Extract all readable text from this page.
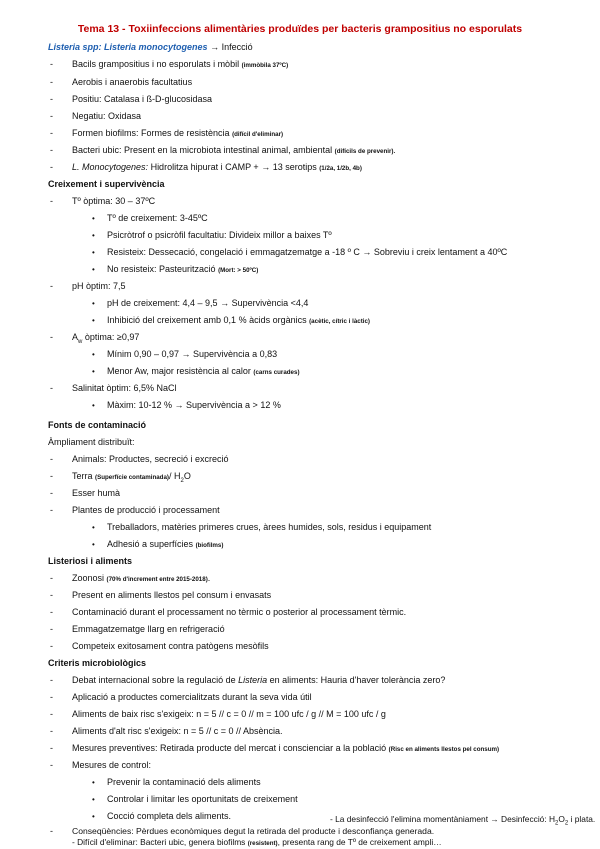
Tema 13 - Toxiinfeccions alimentàries produïdes per bacteris grampositius no esporulats
Listeria spp: Listeria monocytogenes → Infecció
- Bacils grampositius i no esporulats i mòbil (immòbila 37ºC)
- Aerobis i anaerobis facultatius
- Positiu: Catalasa i ß-D-glucosidasa
- Negatiu: Oxidasa
- Formen biofilms: Formes de resistència (difícil d'eliminar)
- Bacteri ubic: Present en la microbiota intestinal animal, ambiental (difícils de prevenir).
- L. Monocytogenes: Hidrolitza hipurat i CAMP + → 13 serotips (1/2a, 1/2b, 4b)
Creixement i supervivència
- Tº òptima: 30 – 37ºC
• Tº de creixement: 3-45ºC
• Psicròtrof o psicròfil facultatiu: Divideix millor a baixes Tº
• Resisteix: Dessecació, congelació i emmagatzematge a -18 º C → Sobreviu i creix lentament a 40ºC
• No resisteix: Pasteurització (Mort: > 50ºC)
- pH òptim: 7,5
• pH de creixement: 4,4 – 9,5 → Supervivència <4,4
• Inhibició del creixement amb 0,1 % àcids orgànics (acètic, cítric i làctic)
- $A_w$ òptima: ≥0,97
• Mínim 0,90 – 0,97 → Supervivència a 0,83
• Menor Aw, major resistència al calor (carns curades)
- Salinitat òptim: 6,5% NaCl
• Màxim: 10-12 % → Supervivència a > 12 %
Fonts de contaminació
Àmpliament distribuït:
- Animals: Productes, secreció i excreció
- Terra (Superfície contaminada)/ $H_2O$
- Esser humà
- Plantes de producció i processament
• Treballadors, matèries primeres crues, àrees humides, sols, residus i equipament
• Adhesió a superfícies (biofilms)
Listeriosi i aliments
- Zoonosi (70% d'increment entre 2015-2018).
- Present en aliments llestos pel consum i envasats
- Contaminació durant el processament no tèrmic o posterior al processament tèrmic.
- Emmagatzematge llarg en refrigeració
- Competeix exitosament contra patògens mesòfils
Criteris microbiològics
- Debat internacional sobre la regulació de Listeria en aliments: Hauria d'haver tolerància zero?
- Aplicació a productes comercialitzats durant la seva vida útil
- Aliments de baix risc s'exigeix: n = 5 // c = 0 // m = 100 ufc / g // M = 100 ufc / g
- Aliments d'alt risc s'exigeix: n = 5 // c = 0 // Absència.
- Mesures preventives: Retirada producte del mercat i conscienciar a la població (Risc en aliments llestos pel consum)
- Mesures de control:
• Prevenir la contaminació dels aliments
• Controlar i limitar les oportunitats de creixement
• Cocció completa dels aliments.
- Conseqüències: Pèrdues econòmiques degut la retirada del producte i desconfiança generada.
- Difícil d'eliminar: Bacteri ubic, genera biofilms (resistent), presenta rang de Tº de creixement ampli…
- La desinfecció l'elimina momentàniament → Desinfecció: $H_2O_2$ i plata.
